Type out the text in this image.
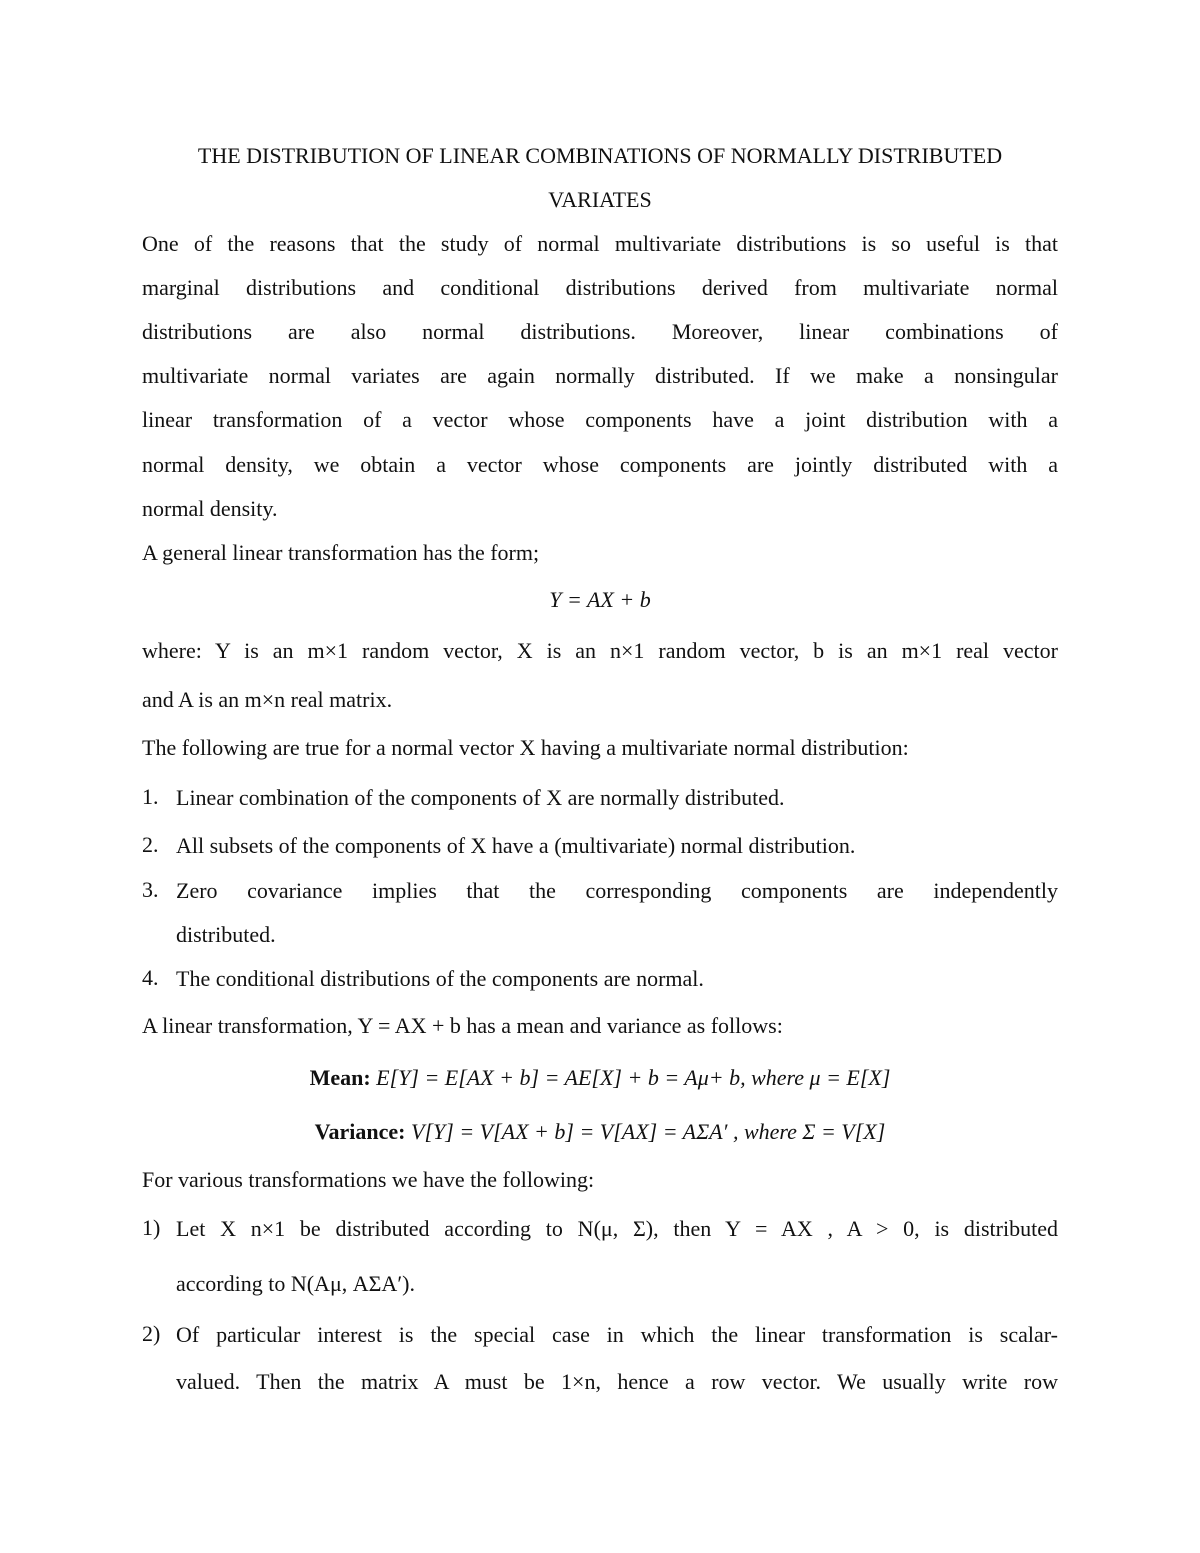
THE DISTRIBUTION OF LINEAR COMBINATIONS OF NORMALLY DISTRIBUTED
VARIATES
One of the reasons that the study of normal multivariate distributions is so useful is that
marginal distributions and conditional distributions derived from multivariate normal
distributions are also normal distributions. Moreover, linear combinations of
multivariate normal variates are again normally distributed. If we make a nonsingular
linear transformation of a vector whose components have a joint distribution with a
normal density, we obtain a vector whose components are jointly distributed with a
normal density.
A general linear transformation has the form;
Y = AX + b
where: Y is an m×1 random vector, X is an n×1 random vector, b is an m×1 real vector
and A is an m×n real matrix.
The following are true for a normal vector X having a multivariate normal distribution:
1. Linear combination of the components of X are normally distributed.
2. All subsets of the components of X have a (multivariate) normal distribution.
3. Zero covariance implies that the corresponding components are independently
distributed.
4. The conditional distributions of the components are normal.
A linear transformation, Y = AX + b has a mean and variance as follows:
Mean: E[Y] = E[AX + b] = AE[X] + b = Aμ+ b, where μ = E[X]
Variance: V[Y] = V[AX + b] = V[AX] = AΣA′ , where Σ = V[X]
For various transformations we have the following:
1) Let X n×1 be distributed according to N(μ, Σ), then Y = AX , A > 0, is distributed
according to N(Aμ, AΣA′).
2) Of particular interest is the special case in which the linear transformation is scalar-
valued. Then the matrix A must be 1×n, hence a row vector. We usually write row
